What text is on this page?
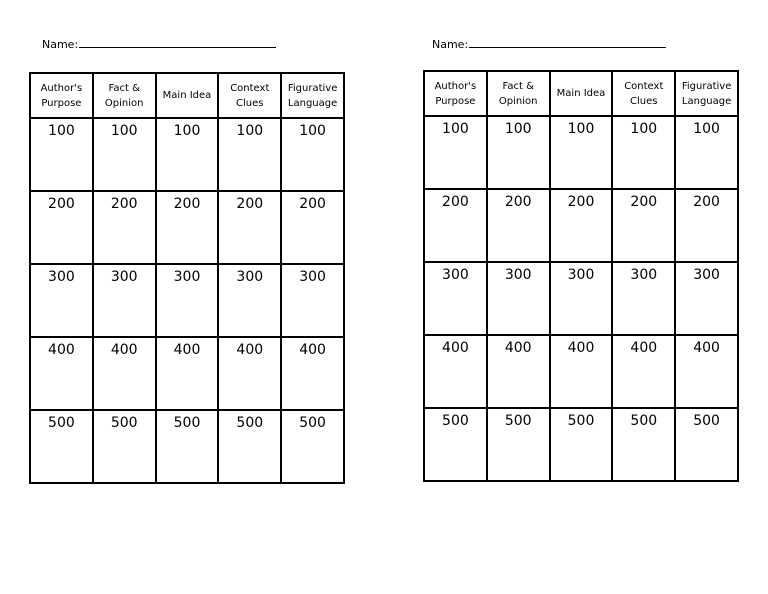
Name:
Author's Purpose	Fact & Opinion	Main Idea	Context Clues	Figurative Language
100	100	100	100	100
200	200	200	200	200
300	300	300	300	300
400	400	400	400	400
500	500	500	500	500
Name:
Author's Purpose	Fact & Opinion	Main Idea	Context Clues	Figurative Language
100	100	100	100	100
200	200	200	200	200
300	300	300	300	300
400	400	400	400	400
500	500	500	500	500
